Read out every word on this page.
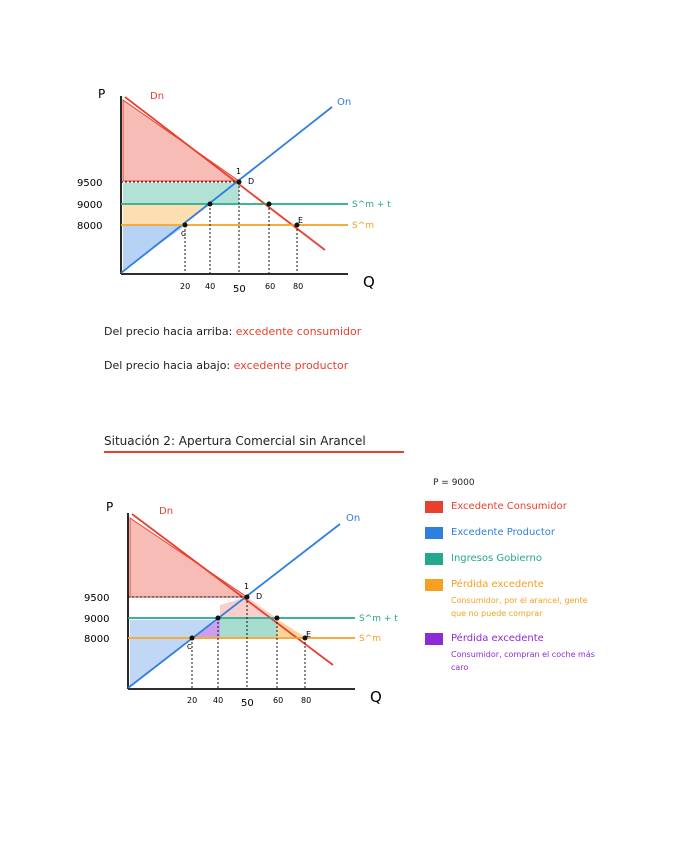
P
Q
Dn
On
S^m + t
S^m
9500
9000
8000
20 40 50 60 80
1
D
E
C
Del precio hacia arriba: excedente consumidor
Del precio hacia abajo: excedente productor
Situación 2: Apertura Comercial sin Arancel
P = 9000
P
Q
Dn
On
S^m + t
S^m
9500
9000
8000
20 40 50 60 80
1
D
E
C
Excedente Consumidor
Excedente Productor
Ingresos Gobierno
Pérdida excedente
Consumidor, por el arancel, gente que no puede comprar
Pérdida excedente
Consumidor, compran el coche más caro
